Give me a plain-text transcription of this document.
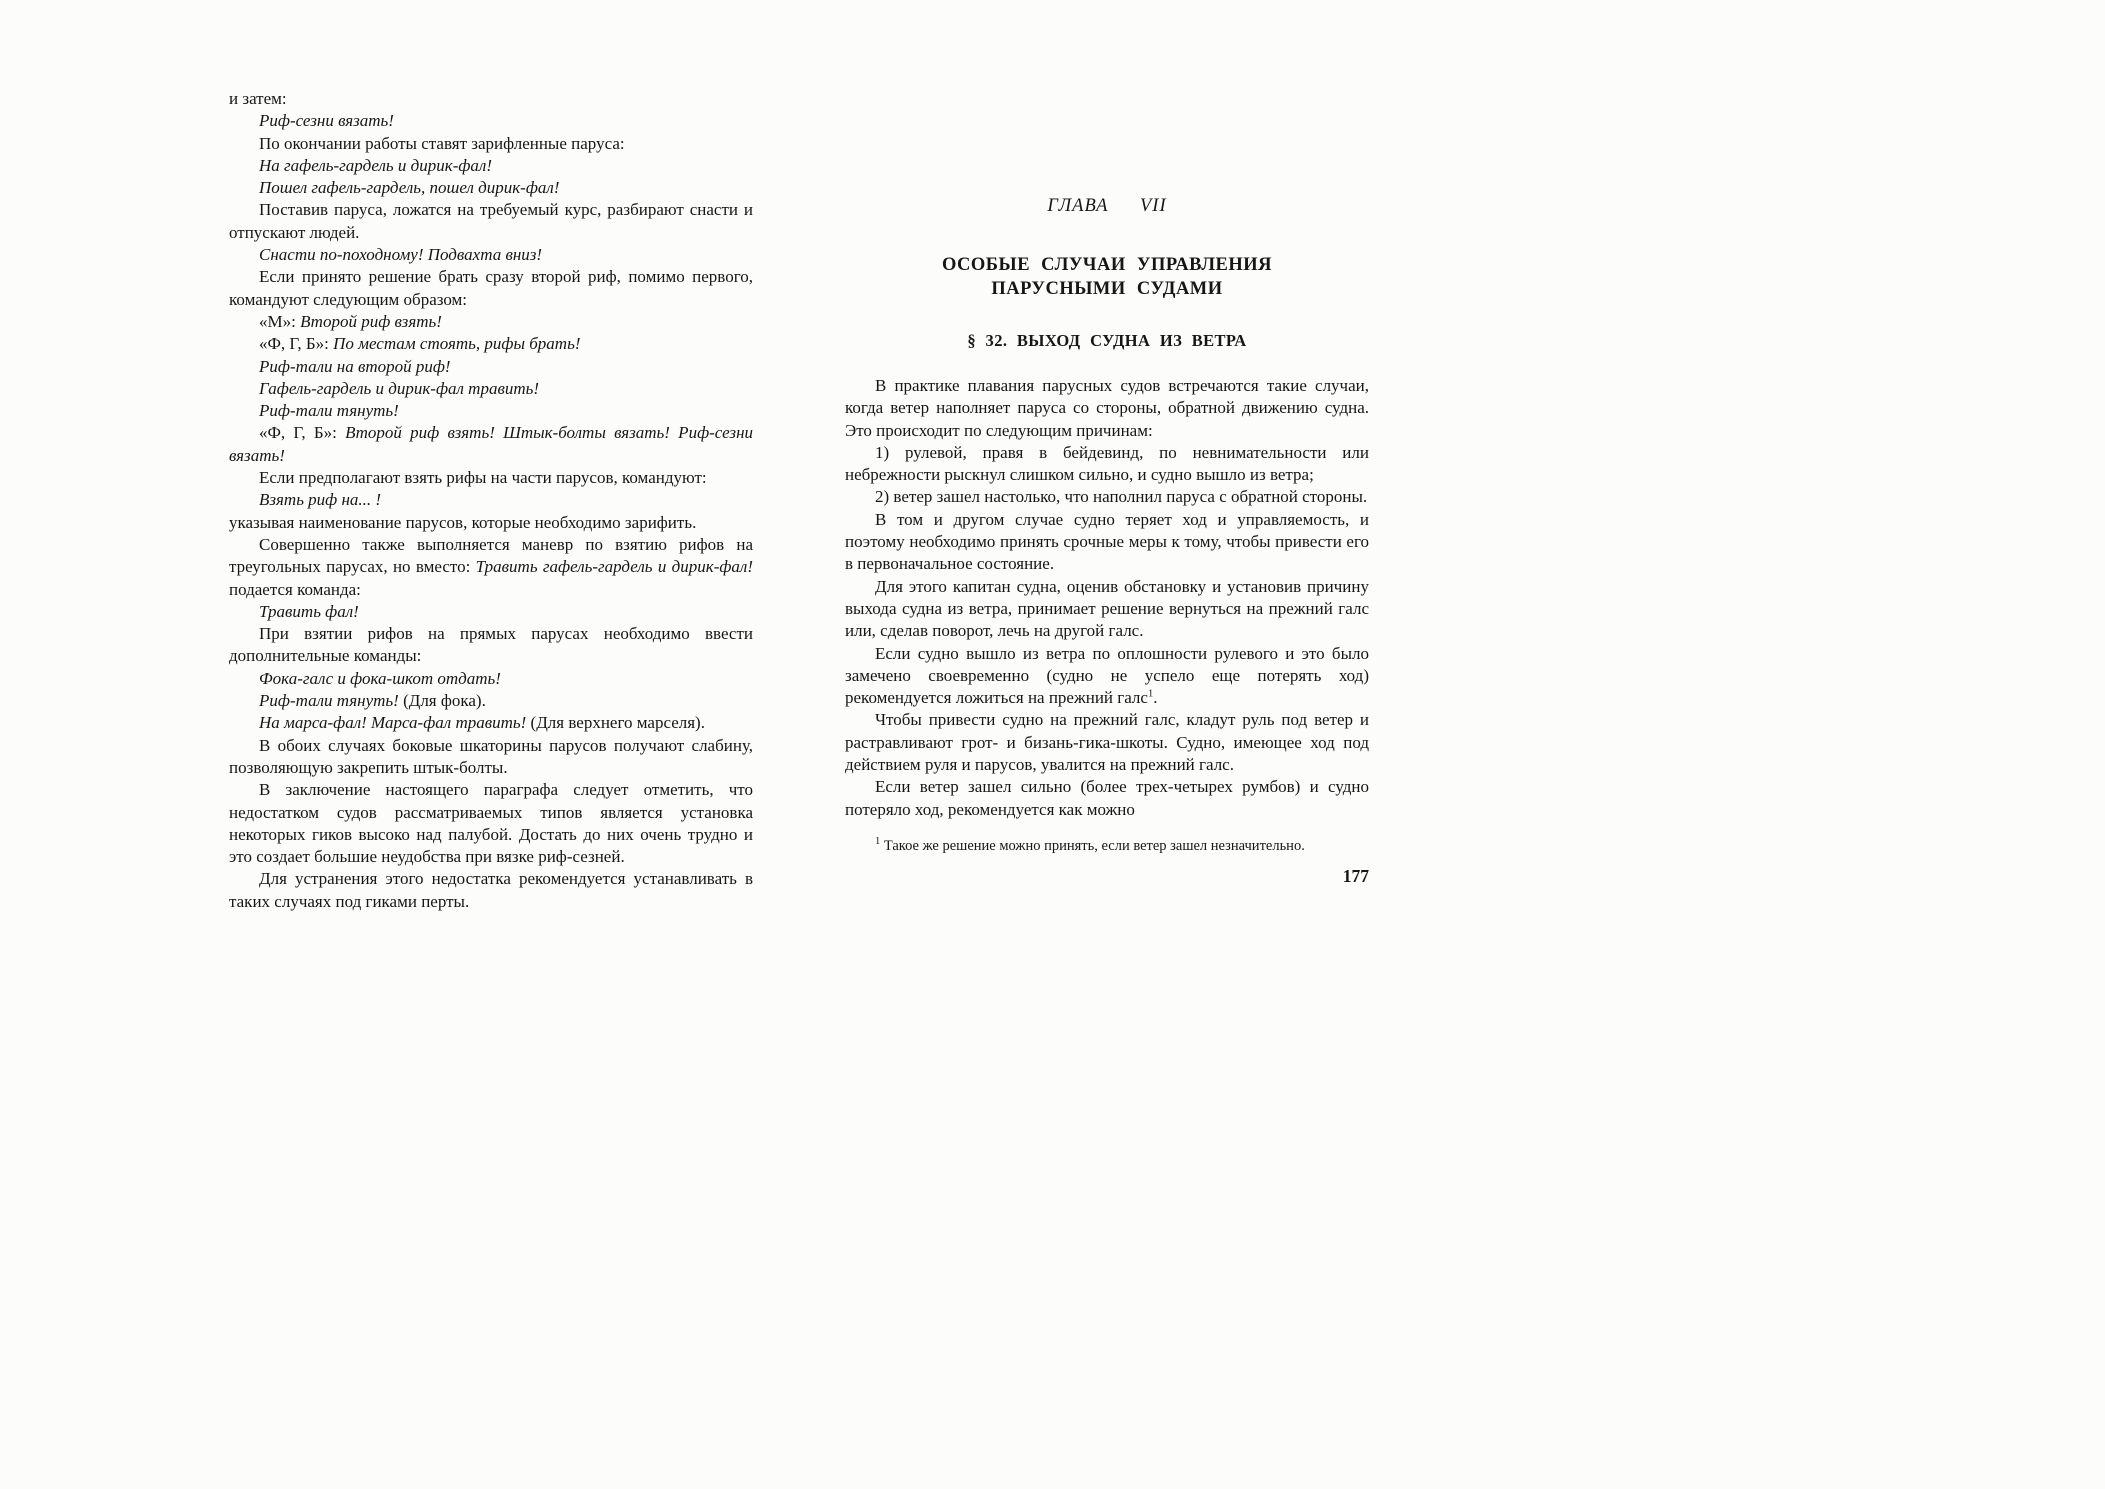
и затем:

Риф-сезни вязать!

По окончании работы ставят зарифленные паруса:

На гафель-гардель и дирик-фал!

Пошел гафель-гардель, пошел дирик-фал!

Поставив паруса, ложатся на требуемый курс, разбирают снасти и отпускают людей.

Снасти по-походному! Подвахта вниз!

Если принято решение брать сразу второй риф, помимо первого, командуют следующим образом:

«М»: Второй риф взять!

«Ф, Г, Б»: По местам стоять, рифы брать!

Риф-тали на второй риф!

Гафель-гардель и дирик-фал травить!

Риф-тали тянуть!

«Ф, Г, Б»: Второй риф взять! Штык-болты вязать! Риф-сезни вязать!

Если предполагают взять рифы на части парусов, командуют:

Взять риф на... !

указывая наименование парусов, которые необходимо зарифить.

Совершенно также выполняется маневр по взятию рифов на треугольных парусах, но вместо: Травить гафель-гардель и дирик-фал! подается команда:

Травить фал!

При взятии рифов на прямых парусах необходимо ввести дополнительные команды:

Фока-галс и фока-шкот отдать!

Риф-тали тянуть! (Для фока).

На марса-фал! Марса-фал травить! (Для верхнего марселя).

В обоих случаях боковые шкаторины парусов получают слабину, позволяющую закрепить штык-болты.

В заключение настоящего параграфа следует отметить, что недостатком судов рассматриваемых типов является установка некоторых гиков высоко над палубой. Достать до них очень трудно и это создает большие неудобства при вязке риф-сезней.

Для устранения этого недостатка рекомендуется устанавливать в таких случаях под гиками перты.

ГЛАВА VII

ОСОБЫЕ СЛУЧАИ УПРАВЛЕНИЯ
ПАРУСНЫМИ СУДАМИ

§ 32. ВЫХОД СУДНА ИЗ ВЕТРА

В практике плавания парусных судов встречаются такие случаи, когда ветер наполняет паруса со стороны, обратной движению судна. Это происходит по следующим причинам:

1) рулевой, правя в бейдевинд, по невнимательности или небрежности рыскнул слишком сильно, и судно вышло из ветра;

2) ветер зашел настолько, что наполнил паруса с обратной стороны.

В том и другом случае судно теряет ход и управляемость, и поэтому необходимо принять срочные меры к тому, чтобы привести его в первоначальное состояние.

Для этого капитан судна, оценив обстановку и установив причину выхода судна из ветра, принимает решение вернуться на прежний галс или, сделав поворот, лечь на другой галс.

Если судно вышло из ветра по оплошности рулевого и это было замечено своевременно (судно не успело еще потерять ход) рекомендуется ложиться на прежний галс$^1$.

Чтобы привести судно на прежний галс, кладут руль под ветер и растравливают грот- и бизань-гика-шкоты. Судно, имеющее ход под действием руля и парусов, увалится на прежний галс.

Если ветер зашел сильно (более трех-четырех румбов) и судно потеряло ход, рекомендуется как можно

$^1$ Такое же решение можно принять, если ветер зашел незначительно.

177
